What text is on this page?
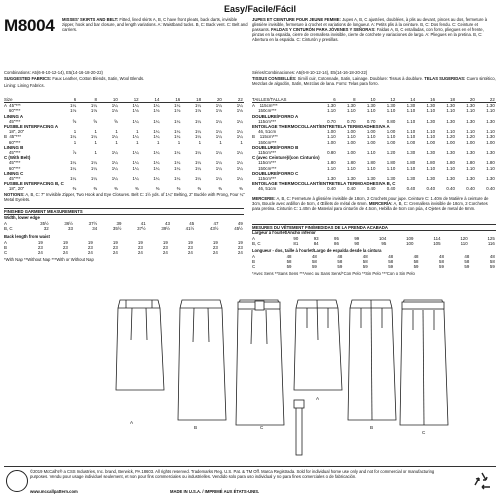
Easy/Facile/Fácil
M8004 MISSES' SKIRTS AND BELT: Fitted, lined skirts A, B, C have front pleats, back darts, invisible zipper, hook and bar closure, and length variations. A: Waistband tucks. B, C: Back vent. C: Belt and carriers.
JUPES ET CEINTURE POUR JEUNE FEMME: Jupes A, B, C ajustées, doublées, à plis au devant, pinces au dos, fermeture à glissière invisible, fermeture à crochet et variations de longueur. A: Petits plis à la ceinture. B, C: Dos fendu. C: Ceinture et passants. FALDAS Y CINTURÓN PARA JÓVENES Y SEÑORAS: Faldas A, B, C entalladas, con forro, pliegues en el frente, pinzas en la espalda, cierre de cremallera invisible, cierre de corchete y variaciones de largo. A: Pliegues en la pretina. B, C: Abertura en la espalda. C: Cinturón y presillas.
Combinations: A5(6-8-10-12-14), E5(14-16-18-20-22)
SUGGESTED FABRICS: Faux Leather, Cotton Blends, Satin, Wool Blends.
Lining: Lining Fabrics.
Size	6	8	10	12	14	16	18	20	22
A  45"***	1¼	1¼	1¼	1¼	1¼	1¼	1¼	1¼	1¼
60"***	1⅛	1⅛	1⅛	1⅛	1⅛	1⅛	1⅛	1⅛	1⅛
LINING A									
45"***	⅝	⅝	⅝	1¼	1¼	1¼	1¼	1¼	1¼
FUSIBLE INTERFACING A									
18", 20"	1	1	1	1	1¼	1¼	1¼	1¼	1¼
B  45"***	1¼	1¼	1¼	1¼	1¼	1¼	1¼	1¼	1¼
60"***	1	1	1	1	1	1	1	1	1
LINING B									
45"***	⅞	1	1¼	1¼	1¼	1¼	1¼	1¼	1¼
C (With Belt)									
45"***	1¼	1¼	1¼	1¼	1¼	1¼	1¼	1¼	1¼
60"***	1¼	1¼	1¼	1¼	1¼	1¼	1¼	1¼	1¼
LINING C									
45"***	1¼	1¼	1¼	1¼	1¼	1¼	1¼	1¼	1¼
FUSIBLE INTERFACING B, C									
18", 20"	⅜	⅜	⅜	⅜	⅜	⅜	⅜	⅜	⅜
NOTIONS: A, B, C: 7" Invisible Zipper, Two Hook and Eye Closures. Belt C: 1½ yds. of 1¼" Belting, 2" Buckle with Prong, Four ¼" Metal Eyelets.
FINISHED GARMENT MEASUREMENTS
Width, lower edge
A	35½	36½	37½	39	41	43	45	47	49
B, C	32	33	34	35½	37½	39½	41½	43½	45½
Back length from waist
A	19	19	19	19	19	19	19	19	19
B	23	23	23	23	23	23	23	23	23
C	24	24	24	24	24	24	24	24	24
*With Nap **Without Nap ***With or Without Nap
Séries/Combinaciones: A5(6-8-10-12-14), E5(14-16-18-20-22)
TISSUS CONSEILLÉS: Similí cuir, Cotonnade, Satin, Lainage. Doublure: Tissus à doublure. TELAS SUGERIDAS: Cuero sintético, Mezclas de algodón, Satín, Mezclas de lana. Forro: Telas para forro.
TAILLES/TALLAS	6	8	10	12	14	16	18	20	22
A    115cm***	1.30	1.30	1.30	1.30	1.30	1.30	1.30	1.30	1.30
150cm***	1.10	1.10	1.10	1.10	1.10	1.10	1.10	1.10	1.10
DOUBLURE/FORRO A									
115cm***	0.70	0.70	0.70	0.80	1.10	1.30	1.30	1.30	1.30
ENTOILAGE THERMOCOLLANT/ENTRETELA TERMOADHESIVA A									
46, 51cm	1.00	1.00	1.00	1.00	1.10	1.10	1.10	1.10	1.10
B    115cm***	1.10	1.10	1.10	1.10	1.10	1.10	1.20	1.20	1.30
150cm***	1.00	1.00	1.00	1.00	1.00	1.00	1.00	1.00	1.00
DOUBLURE/FORRO B									
115cm***	0.80	1.00	1.10	1.20	1.30	1.30	1.30	1.30	1.30
C (avec Ceinture)/(con Cinturón)									
115cm***	1.80	1.80	1.80	1.80	1.80	1.80	1.80	1.80	1.80
150cm***	1.10	1.10	1.10	1.10	1.10	1.10	1.10	1.10	1.10
DOUBLURE/FORRO C									
115cm***	1.30	1.30	1.30	1.30	1.30	1.30	1.30	1.30	1.30
ENTOILAGE THERMOCOLLANT/ENTRETELA TERMOADHESIVA B, C									
46, 51cm	0.40	0.40	0.40	0.40	0.40	0.40	0.40	0.40	0.40
MERCERIE: A, B, C: Fermeture à glissière invisible de 18cm, 2 Crochets pour jupe. Ceinture C: 1.40m de Matière à ceinture de 3cm, Boucle avec ardillon de 5cm, 4 Œillets de métal de 6mm. MERCERÍA: A, B, C: Cremallera invisible de 18cm, 2 Corchetes para pretina. Cinturón C: 1.40m de Material para cinturón de 4.5cm, Hebilla de 5cm con púa, 4 Ojetes de metal de 6mm.
MESURES DU VÊTEMENT FINI/MEDIDAS DE LA PRENDA ACABADA
Largeur à l'ourlet/Ancho inferior
A	90	93	95	99	104	109	114	120	125
B, C	81	84	86	90	95	100	105	110	116
Longueur - dos, taille à l'ourlet/Largo de espalda desde la cintura
A	48	48	48	48	48	48	48	48	48
B	58	58	58	58	58	58	58	58	58
C	59	59	59	59	59	59	59	59	59
*Avec Sens **Sans Sens ***Avec ou Sans Sens/*Con Pelo **Sin Pelo ***Con o Sin Pelo
A
B	C
A
B
C
©2019 McCall's® a CSS Industries, Inc. brand, Berwick, PA 18603. All rights reserved. Trademarks Reg. U.S. Pat. & TM Off. Marca Registrada. Sold for individual home use only and not for commercial or manufacturing purposes. Vendu pour usage individuel seulement, et non pour fins commerciales ou industrielles. Vendido solo para uso individual y no para fines comerciales o de fabricación.
www.mccallpattern.com	MADE IN U.S.A. / IMPRIMÉ AUX ÉTATS-UNIS.
